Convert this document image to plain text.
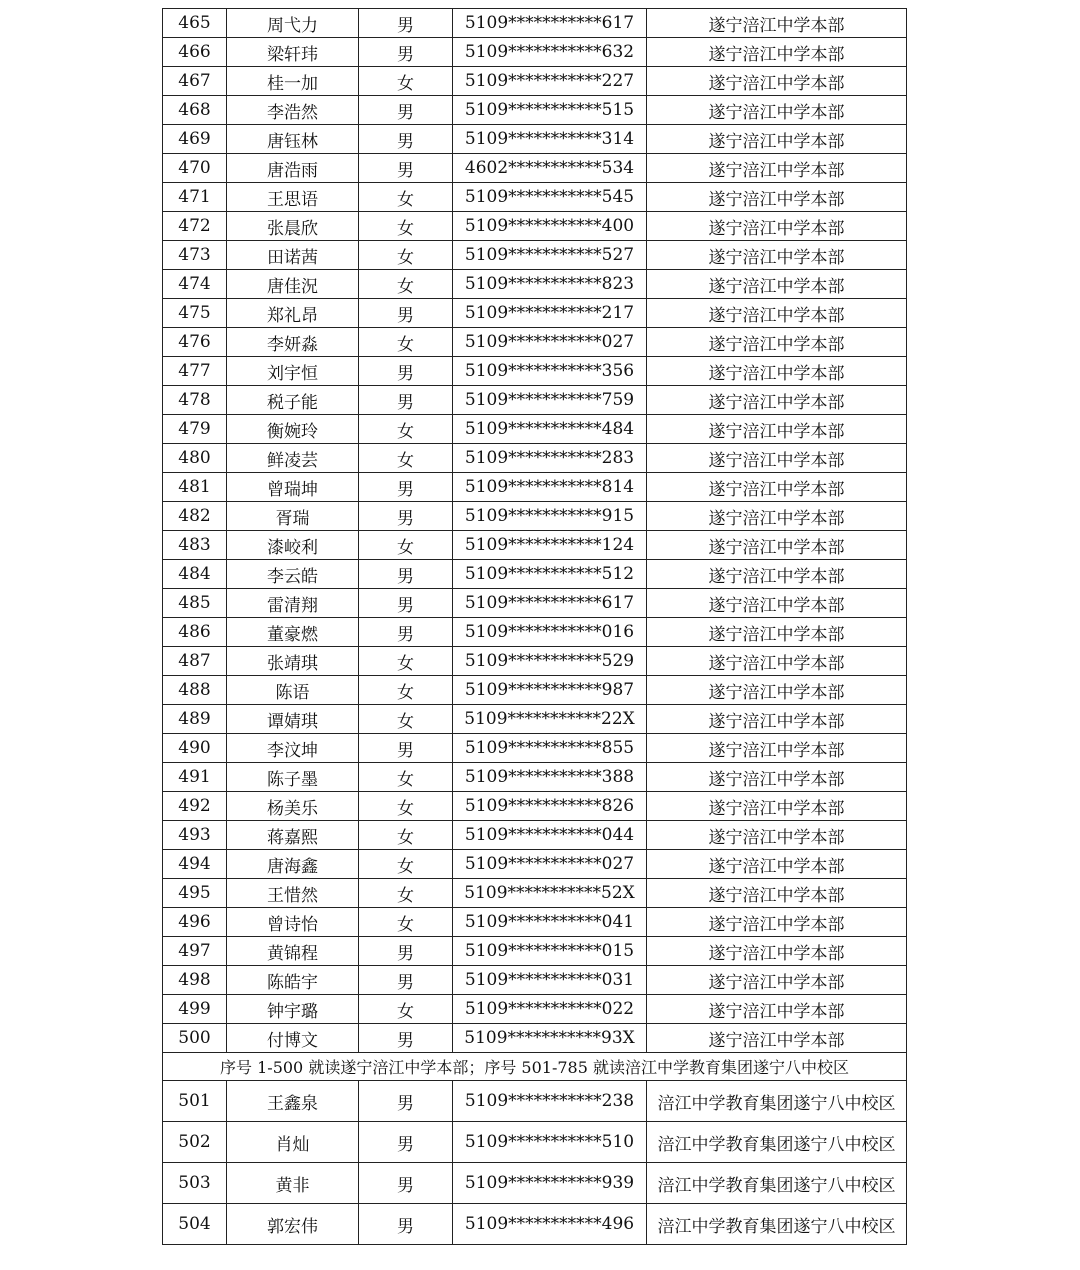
465	周弋力	男	5109***********617	遂宁涪江中学本部
466	梁轩玮	男	5109***********632	遂宁涪江中学本部
467	桂一加	女	5109***********227	遂宁涪江中学本部
468	李浩然	男	5109***********515	遂宁涪江中学本部
469	唐钰林	男	5109***********314	遂宁涪江中学本部
470	唐浩雨	男	4602***********534	遂宁涪江中学本部
471	王思语	女	5109***********545	遂宁涪江中学本部
472	张晨欣	女	5109***********400	遂宁涪江中学本部
473	田诺茜	女	5109***********527	遂宁涪江中学本部
474	唐佳況	女	5109***********823	遂宁涪江中学本部
475	郑礼昂	男	5109***********217	遂宁涪江中学本部
476	李妍淼	女	5109***********027	遂宁涪江中学本部
477	刘宇恒	男	5109***********356	遂宁涪江中学本部
478	税子能	男	5109***********759	遂宁涪江中学本部
479	衡婉玲	女	5109***********484	遂宁涪江中学本部
480	鲜凌芸	女	5109***********283	遂宁涪江中学本部
481	曾瑞坤	男	5109***********814	遂宁涪江中学本部
482	胥瑞	男	5109***********915	遂宁涪江中学本部
483	漆峧利	女	5109***********124	遂宁涪江中学本部
484	李云皓	男	5109***********512	遂宁涪江中学本部
485	雷清翔	男	5109***********617	遂宁涪江中学本部
486	董豪燃	男	5109***********016	遂宁涪江中学本部
487	张靖琪	女	5109***********529	遂宁涪江中学本部
488	陈语	女	5109***********987	遂宁涪江中学本部
489	谭婧琪	女	5109***********22X	遂宁涪江中学本部
490	李汶坤	男	5109***********855	遂宁涪江中学本部
491	陈子墨	女	5109***********388	遂宁涪江中学本部
492	杨美乐	女	5109***********826	遂宁涪江中学本部
493	蒋嘉熙	女	5109***********044	遂宁涪江中学本部
494	唐海鑫	女	5109***********027	遂宁涪江中学本部
495	王惜然	女	5109***********52X	遂宁涪江中学本部
496	曾诗怡	女	5109***********041	遂宁涪江中学本部
497	黄锦程	男	5109***********015	遂宁涪江中学本部
498	陈皓宇	男	5109***********031	遂宁涪江中学本部
499	钟宇璐	女	5109***********022	遂宁涪江中学本部
500	付博文	男	5109***********93X	遂宁涪江中学本部
序号 1-500 就读遂宁涪江中学本部；序号 501-785 就读涪江中学教育集团遂宁八中校区				
501	王鑫泉	男	5109***********238	涪江中学教育集团遂宁八中校区
502	肖灿	男	5109***********510	涪江中学教育集团遂宁八中校区
503	黄非	男	5109***********939	涪江中学教育集团遂宁八中校区
504	郭宏伟	男	5109***********496	涪江中学教育集团遂宁八中校区
